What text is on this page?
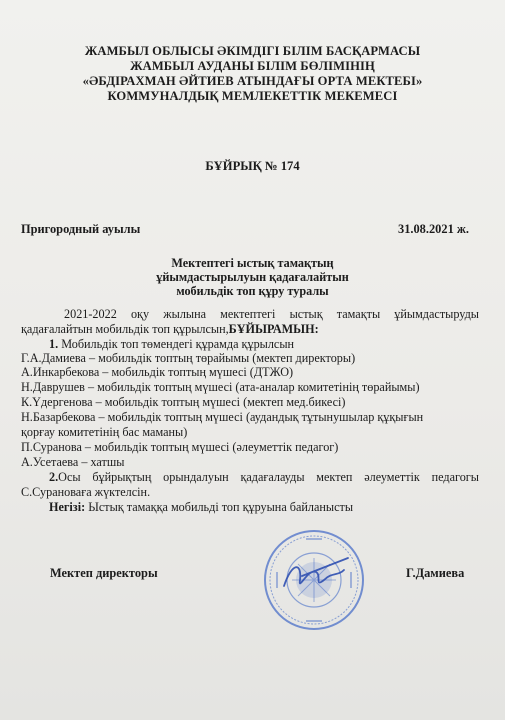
ЖАМБЫЛ ОБЛЫСЫ ӘКІМДІГІ БІЛІМ БАСҚАРМАСЫ
ЖАМБЫЛ АУДАНЫ БІЛІМ БӨЛІМІНІҢ
«ӘБДІРАХМАН ӘЙТИЕВ АТЫНДАҒЫ ОРТА МЕКТЕБІ»
КОММУНАЛДЫҚ МЕМЛЕКЕТТІК МЕКЕМЕСІ
БҰЙРЫҚ № 174
Пригородный ауылы	31.08.2021 ж.
Мектептегі ыстық тамақтың
ұйымдастырылуын қадағалайтын
мобильдік топ құру туралы
2021-2022 оқу жылына мектептегі ыстық тамақты ұйымдастыруды
қадағалайтын мобильдік топ құрылсын,БҰЙЫРАМЫН:
1. Мобильдік топ төмендегі құрамда құрылсын
Г.А.Дамиева – мобильдік топтың төрайымы (мектеп директоры)
А.Инкарбекова – мобильдік топтың мүшесі (ДТЖО)
Н.Даврушев – мобильдік топтың мүшесі (ата-аналар комитетінің төрайымы)
К.Үдергенова – мобильдік топтың мүшесі (мектеп мед.бикесі)
Н.Базарбекова – мобильдік топтың мүшесі (аудандық тұтынушылар құқығын
қорғау комитетінің бас маманы)
П.Суранова – мобильдік топтың мүшесі (әлеуметтік педагог)
А.Усетаева – хатшы
2.Осы бұйрықтың орындалуын қадағалауды мектеп әлеуметтік педагогы
С.Сурановаға жүктелсін.
Негізі: Ыстық тамаққа мобильді топ құруына байланысты
Мектеп директоры	Г.Дамиева
